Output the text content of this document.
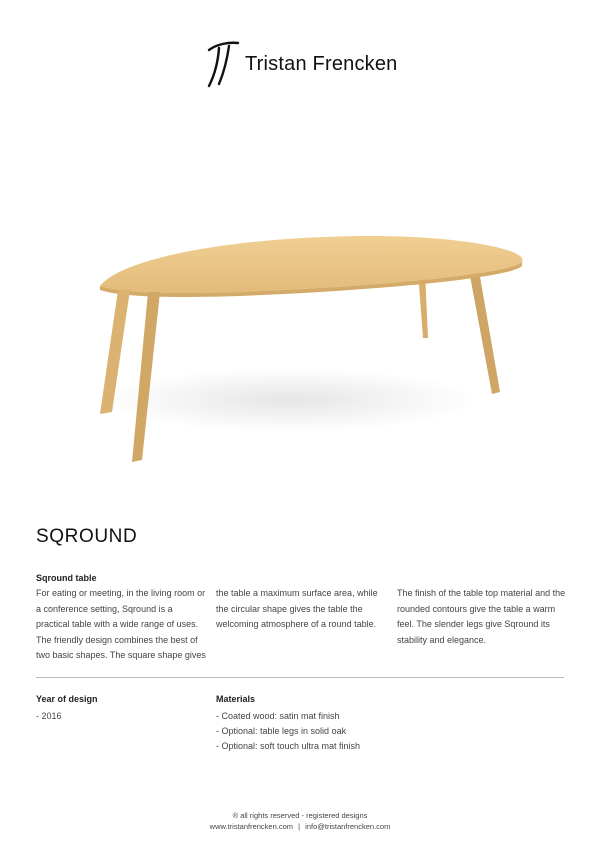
Tristan Frencken
SQROUND

Sqround table

For eating or meeting, in the living room or a conference setting, Sqround is a practical table with a wide range of uses. The friendly design combines the best of two basic shapes. The square shape gives

the table a maximum surface area, while the circular shape gives the table the welcoming atmosphere of a round table.

The finish of the table top material and the rounded contours give the table a warm feel. The slender legs give Sqround its stability and elegance.

Year of design

- 2016

Materials

- Coated wood: satin mat finish

- Optional: table legs in solid oak

- Optional: soft touch ultra mat finish

® all rights reserved - registered designs
www.tristanfrencken.com | info@tristanfrencken.com
